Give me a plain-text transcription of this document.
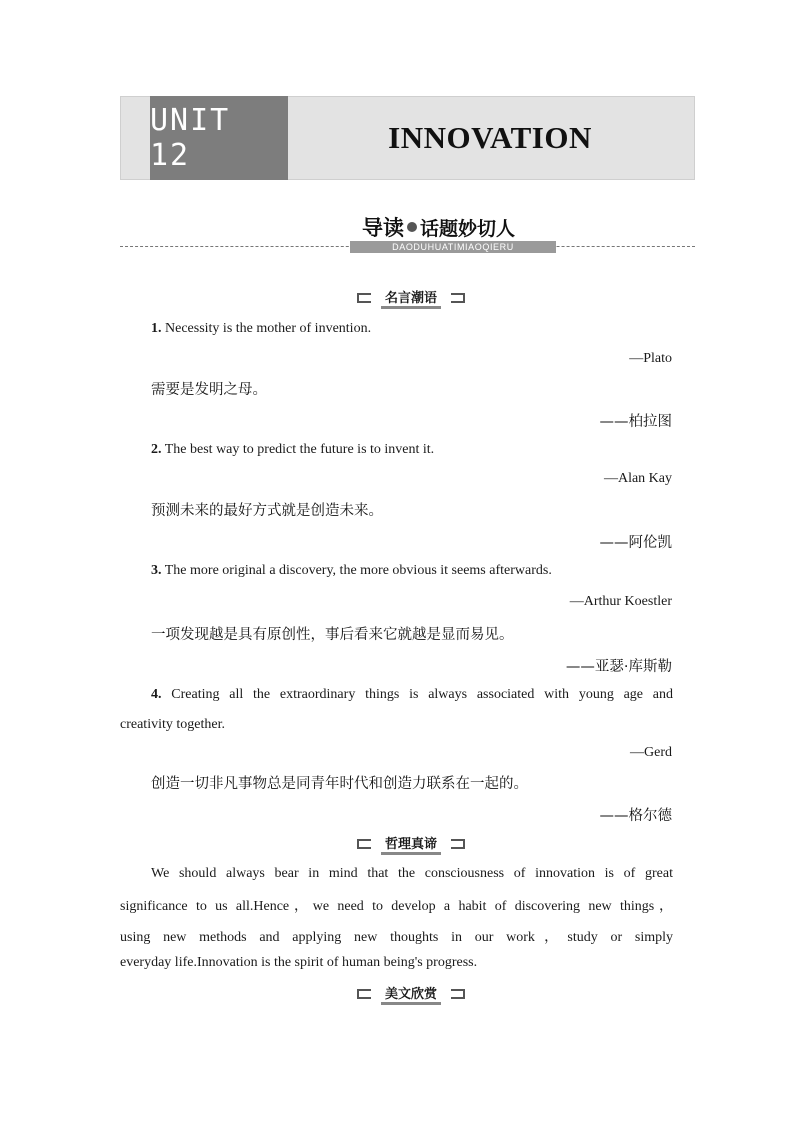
UNIT 12
INNOVATION
导读 话题妙切人
DAODUHUATIMIAOQIERU
名言潮语
1. Necessity is the mother of invention.
—Plato
需要是发明之母。
——柏拉图
2. The best way to predict the future is to invent it.
—Alan Kay
预测未来的最好方式就是创造未来。
——阿伦凯
3. The more original a discovery, the more obvious it seems afterwards.
—Arthur Koestler
一项发现越是具有原创性，事后看来它就越是显而易见。
——亚瑟·库斯勒
4. Creating all the extraordinary things is always associated with young age and
creativity together.
—Gerd
创造一切非凡事物总是同青年时代和创造力联系在一起的。
——格尔德
哲理真谛
We should always bear in mind that the consciousness of innovation is of great
significance to us all.Hence，we need to develop a habit of discovering new things，
using new methods and applying new thoughts in our work，study or simply
everyday life.Innovation is the spirit of human being's progress.
美文欣赏
